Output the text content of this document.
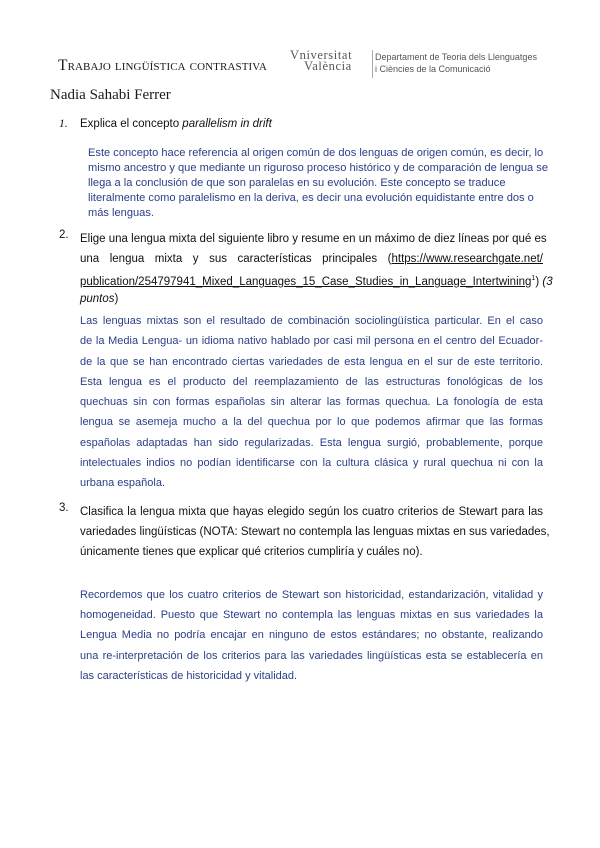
Trabajo lingüística contrastiva
Vniversitat
València
Departament de Teoria dels Llenguatges
i Ciències de la Comunicació
Nadia Sahabi Ferrer
1. Explica el concepto parallelism in drift
Este concepto hace referencia al origen común de dos lenguas de origen común, es decir, lo
mismo ancestro y que mediante un riguroso proceso histórico y de comparación de lengua se
llega a la conclusión de que son paralelas en su evolución. Este concepto se traduce
literalmente como paralelismo en la deriva, es decir una evolución equidistante entre dos o
más lenguas.
2. Elige una lengua mixta del siguiente libro y resume en un máximo de diez líneas por qué es
una lengua mixta y sus características principales (https://www.researchgate.net/
publication/254797941_Mixed_Languages_15_Case_Studies_in_Language_Intertwining$^1$) (3
puntos)
Las lenguas mixtas son el resultado de combinación sociolingüística particular. En el caso
de la Media Lengua- un idioma nativo hablado por casi mil persona en el centro del Ecuador-
de la que se han encontrado ciertas variedades de esta lengua en el sur de este territorio.
Esta lengua es el producto del reemplazamiento de las estructuras fonológicas de los
quechuas sin con formas españolas sin alterar las formas quechua. La fonología de esta
lengua se asemeja mucho a la del quechua por lo que podemos afirmar que las formas
españolas adaptadas han sido regularizadas. Esta lengua surgió, probablemente, porque
intelectuales indios no podían identificarse con la cultura clásica y rural quechua ni con la
urbana española.
3. Clasifica la lengua mixta que hayas elegido según los cuatro criterios de Stewart para las
variedades lingüísticas (NOTA: Stewart no contempla las lenguas mixtas en sus variedades,
únicamente tienes que explicar qué criterios cumpliría y cuáles no).
Recordemos que los cuatro criterios de Stewart son historicidad, estandarización, vitalidad y
homogeneidad. Puesto que Stewart no contempla las lenguas mixtas en sus variedades la
Lengua Media no podría encajar en ninguno de estos estándares; no obstante, realizando
una re-interpretación de los criterios para las variedades lingüísticas esta se establecería en
las características de historicidad y vitalidad.
